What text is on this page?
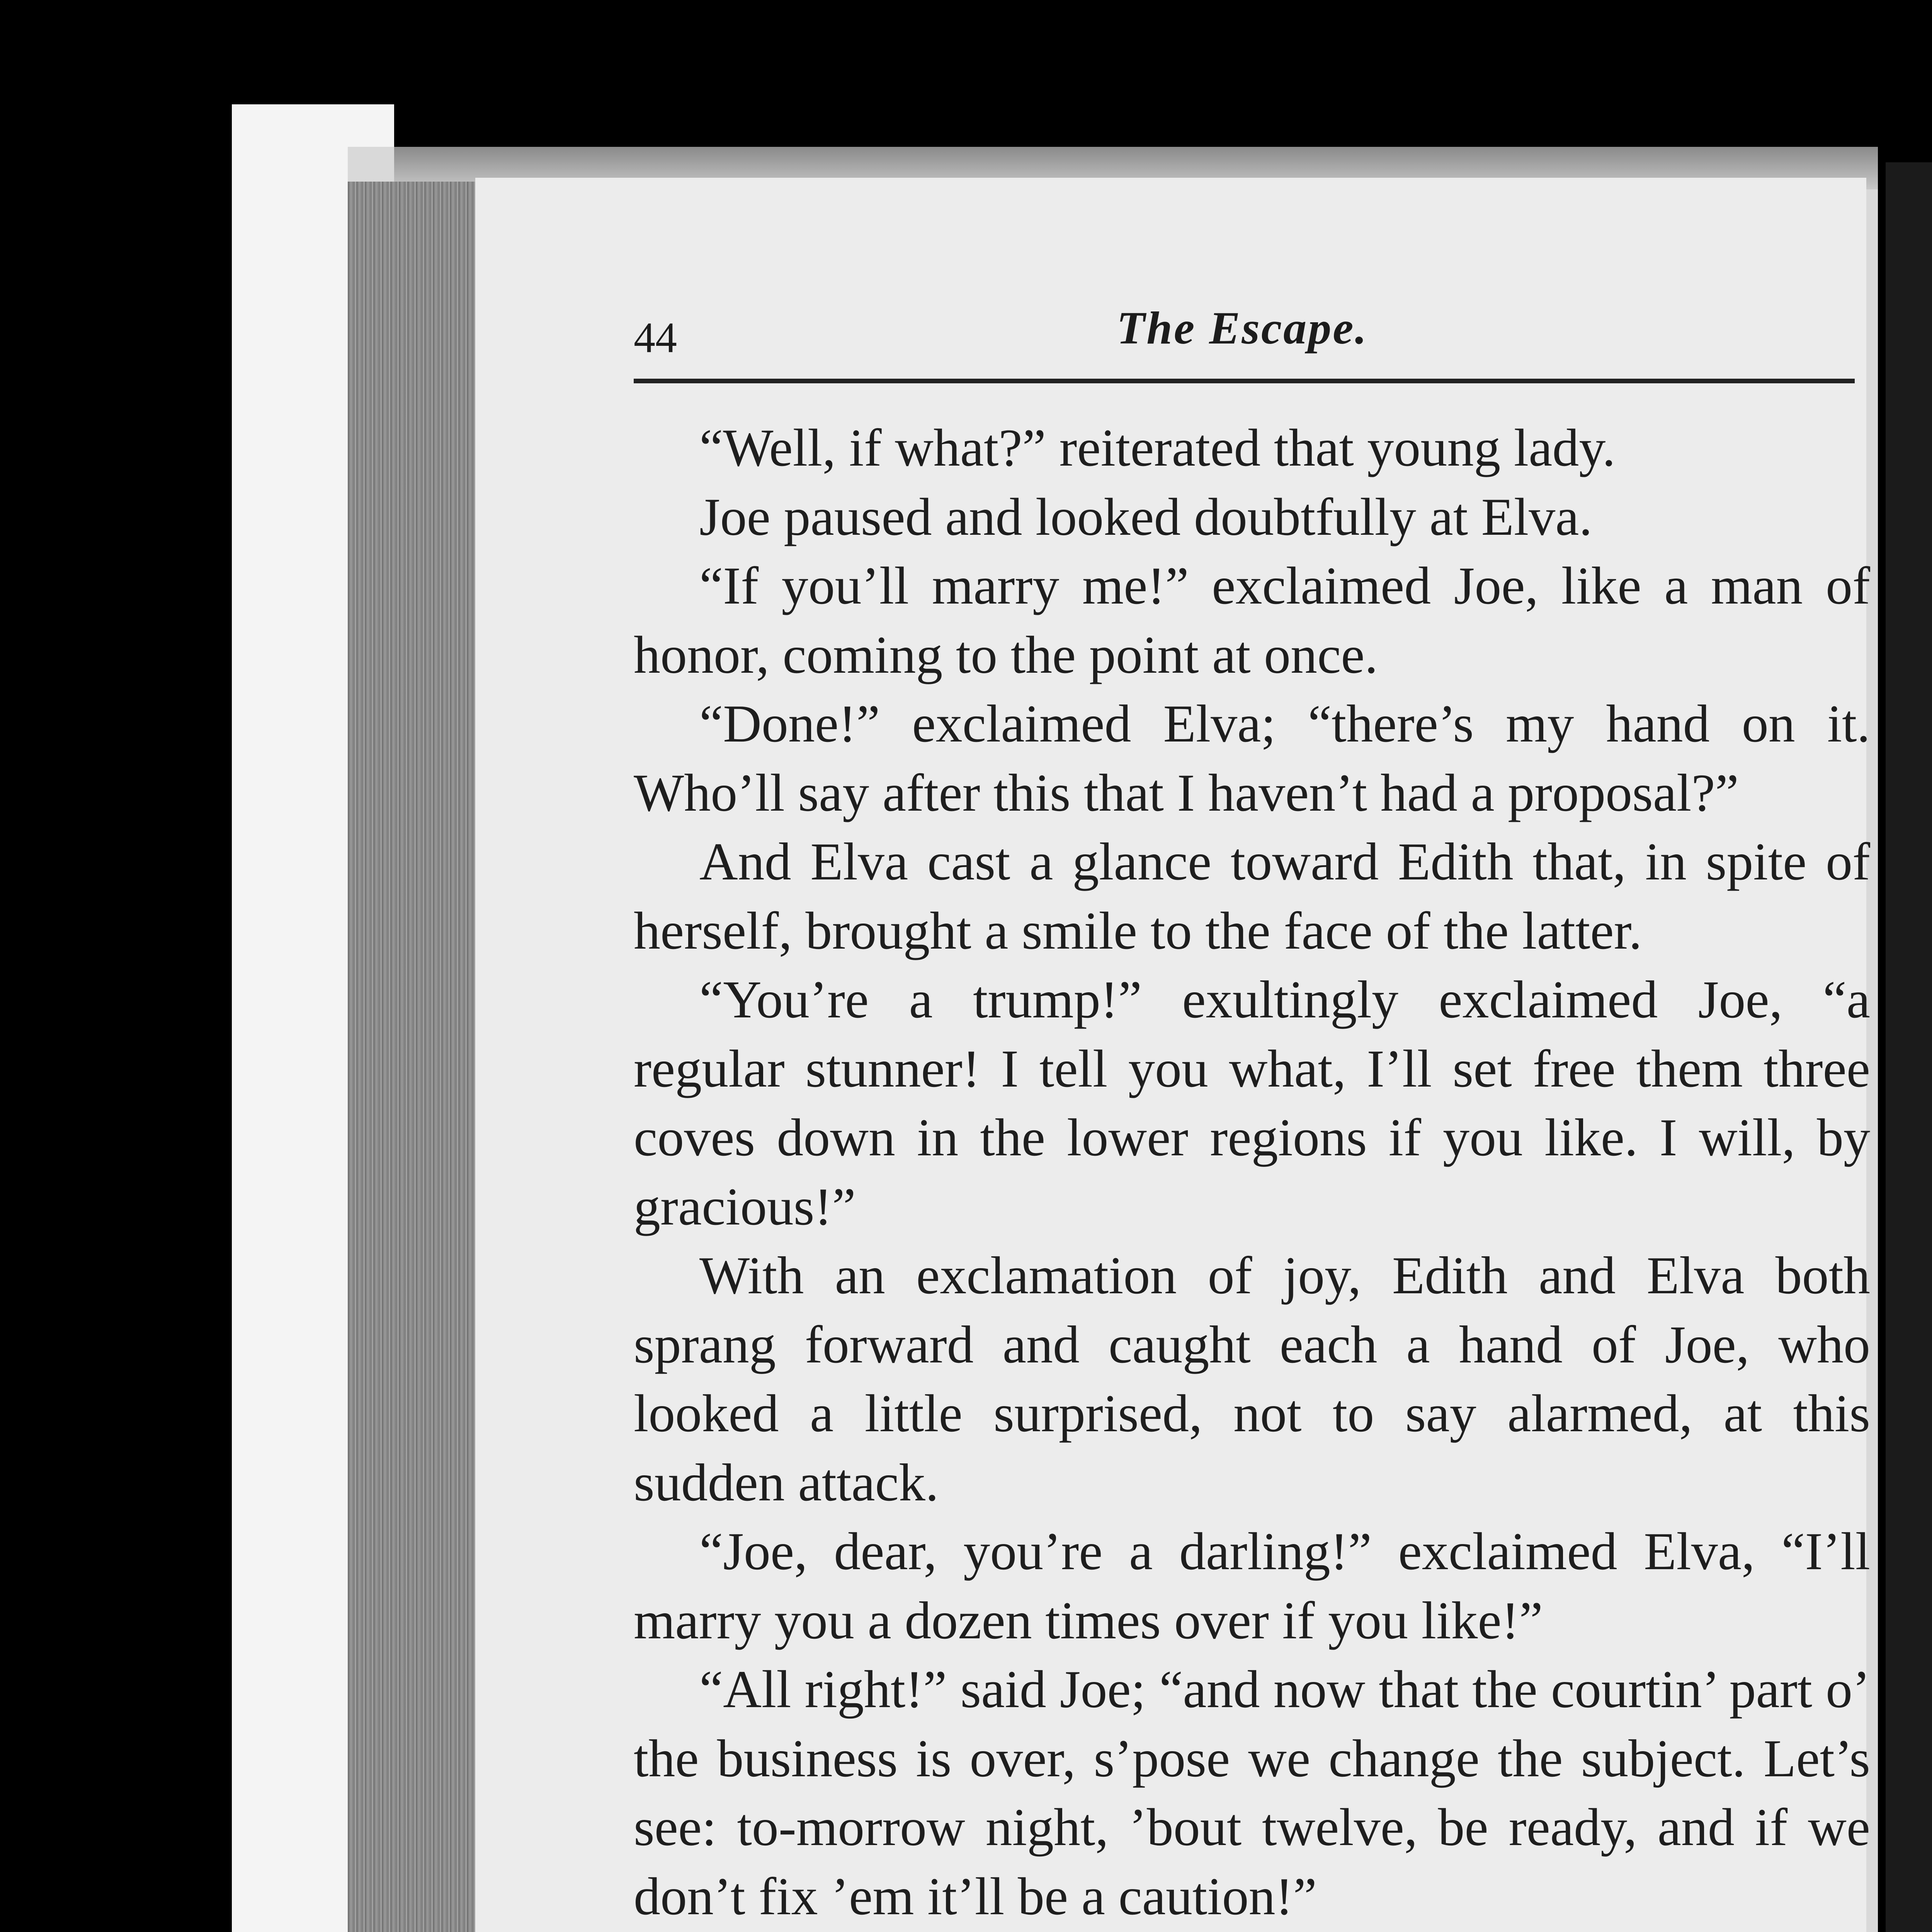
44	The Escape.

“Well, if what?” reiterated that young lady.

Joe paused and looked doubtfully at Elva.

“If you’ll marry me!” exclaimed Joe, like a man of honor, coming to the point at once.

“Done!” exclaimed Elva; “there’s my hand on it. Who’ll say after this that I haven’t had a proposal?”

And Elva cast a glance toward Edith that, in spite of herself, brought a smile to the face of the latter.

“You’re a trump!” exultingly exclaimed Joe, “a regular stunner! I tell you what, I’ll set free them three coves down in the lower regions if you like. I will, by gracious!”

With an exclamation of joy, Edith and Elva both sprang forward and caught each a hand of Joe, who looked a little surprised, not to say alarmed, at this sudden attack.

“Joe, dear, you’re a darling!” exclaimed Elva, “I’ll marry you a dozen times over if you like!”

“All right!” said Joe; “and now that the courtin’ part o’ the business is over, s’pose we change the subject. Let’s see: to-morrow night, ’bout twelve, be ready, and if we don’t fix ’em it’ll be a caution!”
